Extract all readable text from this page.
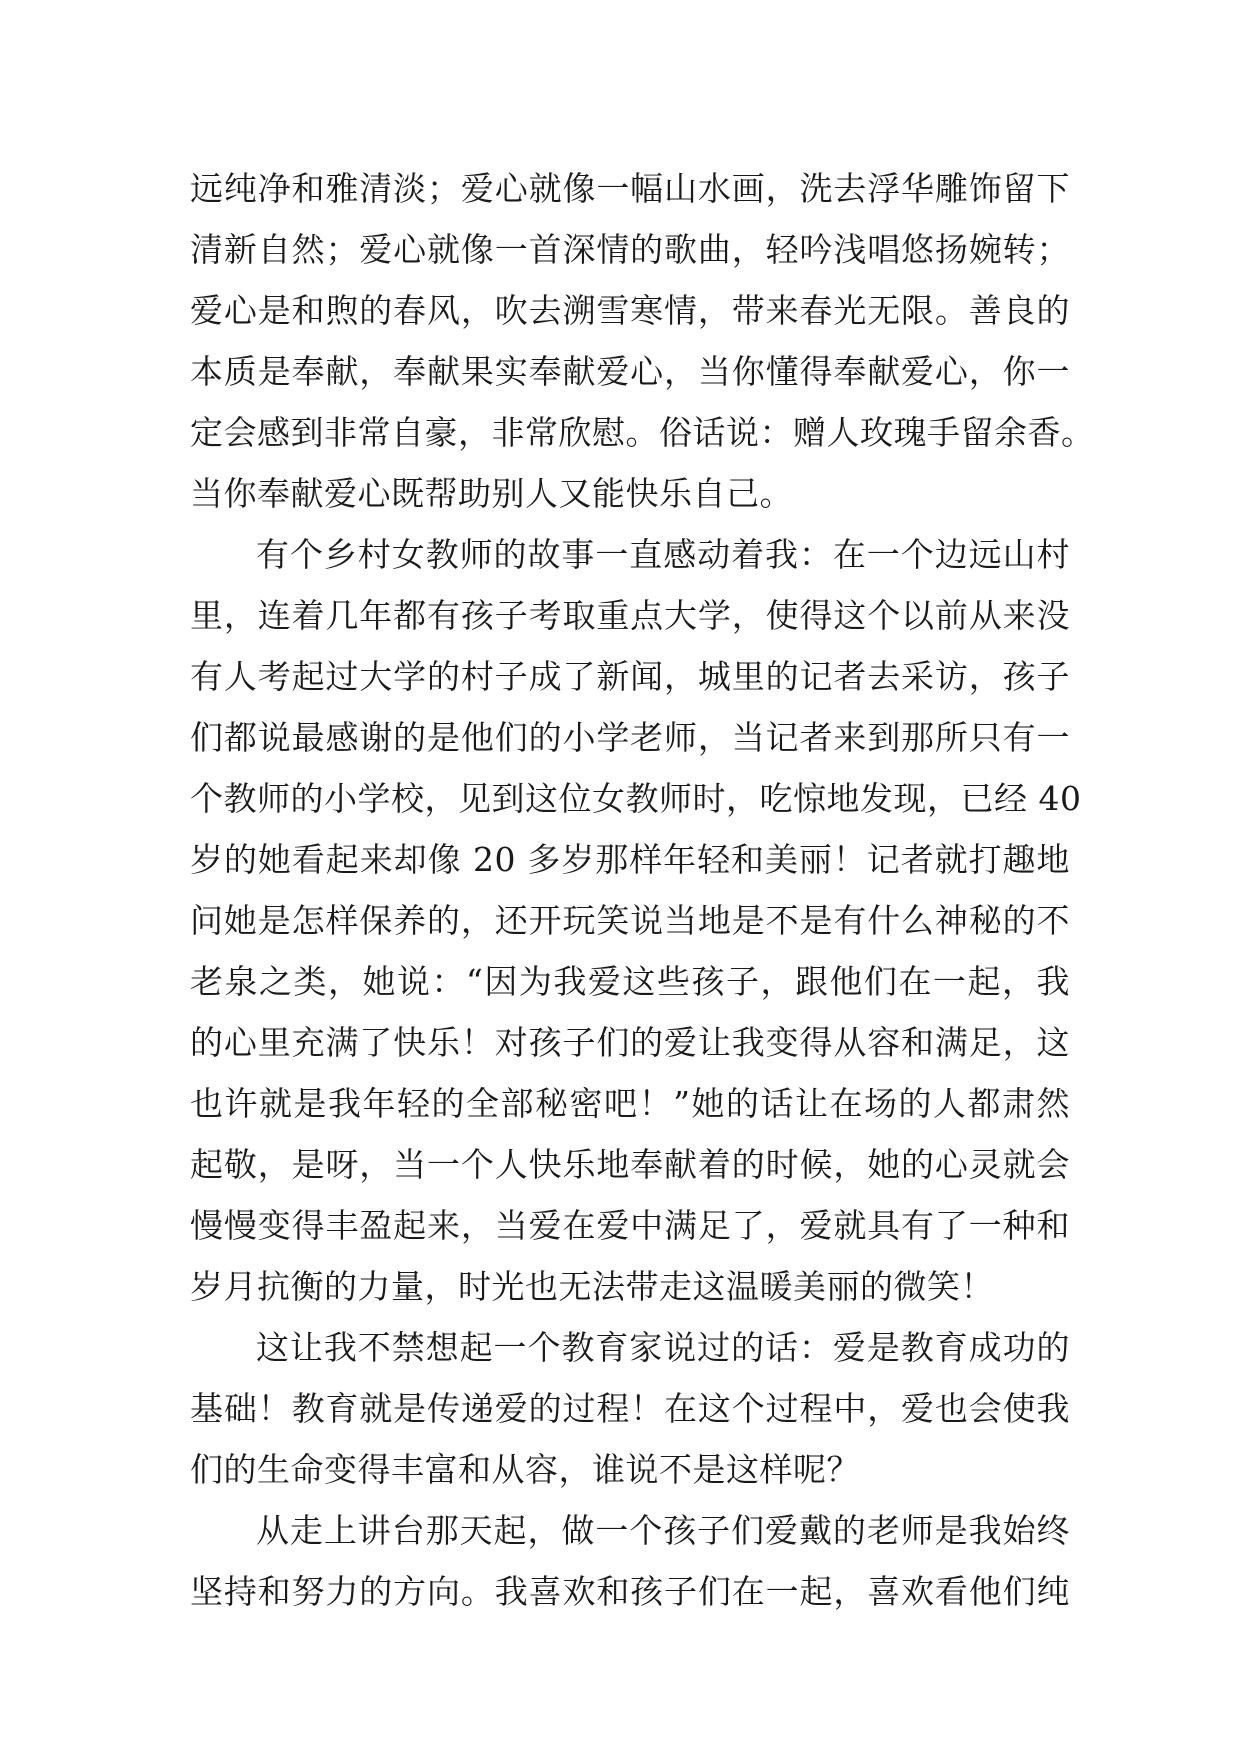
远纯净和雅清淡；爱心就像一幅山水画，洗去浮华雕饰留下
清新自然；爱心就像一首深情的歌曲，轻吟浅唱悠扬婉转；
爱心是和煦的春风，吹去溯雪寒情，带来春光无限。善良的
本质是奉献，奉献果实奉献爱心，当你懂得奉献爱心，你一
定会感到非常自豪，非常欣慰。俗话说：赠人玫瑰手留余香。
当你奉献爱心既帮助别人又能快乐自己。
有个乡村女教师的故事一直感动着我：在一个边远山村
里，连着几年都有孩子考取重点大学，使得这个以前从来没
有人考起过大学的村子成了新闻，城里的记者去采访，孩子
们都说最感谢的是他们的小学老师，当记者来到那所只有一
个教师的小学校，见到这位女教师时，吃惊地发现，已经 40
岁的她看起来却像 20 多岁那样年轻和美丽！记者就打趣地
问她是怎样保养的，还开玩笑说当地是不是有什么神秘的不
老泉之类，她说：“因为我爱这些孩子，跟他们在一起，我
的心里充满了快乐！对孩子们的爱让我变得从容和满足，这
也许就是我年轻的全部秘密吧！”她的话让在场的人都肃然
起敬，是呀，当一个人快乐地奉献着的时候，她的心灵就会
慢慢变得丰盈起来，当爱在爱中满足了，爱就具有了一种和
岁月抗衡的力量，时光也无法带走这温暖美丽的微笑！
这让我不禁想起一个教育家说过的话：爱是教育成功的
基础！教育就是传递爱的过程！在这个过程中，爱也会使我
们的生命变得丰富和从容，谁说不是这样呢？
从走上讲台那天起，做一个孩子们爱戴的老师是我始终
坚持和努力的方向。我喜欢和孩子们在一起，喜欢看他们纯
